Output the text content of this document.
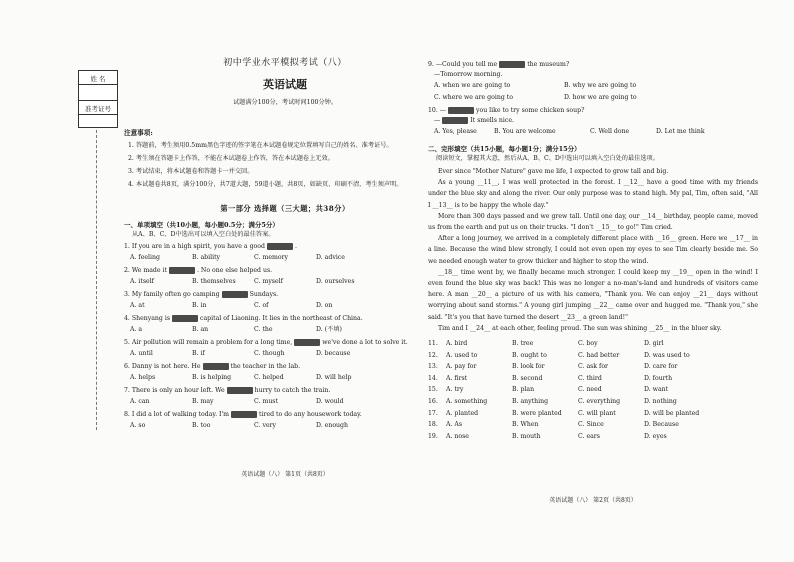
姓 名
准考证号
初中学业水平模拟考试（八）
英语试题
试题满分100分，考试时间100分钟。
注意事项:

1. 答题前，考生须用0.5mm黑色字迹的签字笔在本试题卷规定位置填写自己的姓名、准考证号。

2. 考生须在答题卡上作答，不能在本试题卷上作答，答在本试题卷上无效。

3. 考试结束，将本试题卷和答题卡一并交回。

4. 本试题卷共8页，满分100分，共7道大题，59道小题，共8页，如缺页、印刷不清，考生须声明。

第一部分 选择题（三大题；共38分）
一、单项填空（共10小题，每小题0.5分；满分5分）
从A、B、C、D中选出可以填入空白处的最佳答案。
1. If you are in a high spirit, you have a good	.
A. feeling	B. ability	C. memory	D. advice
2. We made it	. No one else helped us.
A. itself	B. themselves	C. myself	D. ourselves
3. My family often go camping	Sundays.
A. at	B. in	C. of	D. on
4. Shenyang is	capital of Liaoning. It lies in the northeast of China.
A. a	B. an	C. the	D. (不填)
5. Air pollution will remain a problem for a long time,	we've done a lot to solve it.
A. until	B. if	C. though	D. because
6. Danny is not here. He	the teacher in the lab.
A. helps	B. is helping	C. helped	D. will help
7. There is only an hour left. We	hurry to catch the train.
A. can	B. may	C. must	D. would
8. I did a lot of walking today. I'm	tired to do any housework today.
A. so	B. too	C. very	D. enough
英语试题（八） 第1页（共8页）
9. —Could you tell me	the museum?
—Tomorrow morning.
A. when we are going to	B. why we are going to
C. where we are going to	D. how we are going to
10. —	you like to try some chicken soup?
—	It smells nice.
A. Yes, please	B. You are welcome	C. Well done	D. Let me think
二、完形填空（共15小题，每小题1分；满分15分）
阅读短文，掌握其大意，然后从A、B、C、D中选出可以填入空白处的最佳选项。

Ever since "Mother Nature" gave me life, I expected to grow tall and big.

As a young __11__, I was well protected in the forest. I __12__ have a good time with my friends under the blue sky and along the river. Our only purpose was to stand high. My pal, Tim, often said, "All I __13__ is to be happy the whole day."

More than 300 days passed and we grew tall. Until one day, our __14__ birthday, people came, moved us from the earth and put us on their trucks. "I don't __15__ to go!" Tim cried.

After a long journey, we arrived in a completely different place with __16__ green. Here we __17__ in a line. Because the wind blew strongly, I could not even open my eyes to see Tim clearly beside me. So we needed enough water to grow thicker and higher to stop the wind.

__18__ time went by, we finally became much stronger. I could keep my __19__ open in the wind! I even found the blue sky was back! This was no longer a no-man's-land and hundreds of visitors came here. A man __20__ a picture of us with his camera, "Thank you. We can enjoy __21__ days without worrying about sand storms." A young girl jumping __22__ came over and hugged me. "Thank you," she said. "It's you that have turned the desert __23__ a green land!"

Tim and I __24__ at each other, feeling proud. The sun was shining __25__ in the bluer sky.

11.	A. bird	B. tree	C. boy	D. girl
12.	A. used to	B. ought to	C. had better	D. was used to
13.	A. pay for	B. look for	C. ask for	D. care for
14.	A. first	B. second	C. third	D. fourth
15.	A. try	B. plan	C. need	D. want
16.	A. something	B. anything	C. everything	D. nothing
17.	A. planted	B. were planted	C. will plant	D. will be planted
18.	A. As	B. When	C. Since	D. Because
19.	A. nose	B. mouth	C. ears	D. eyes
英语试题（八） 第2页（共8页）
